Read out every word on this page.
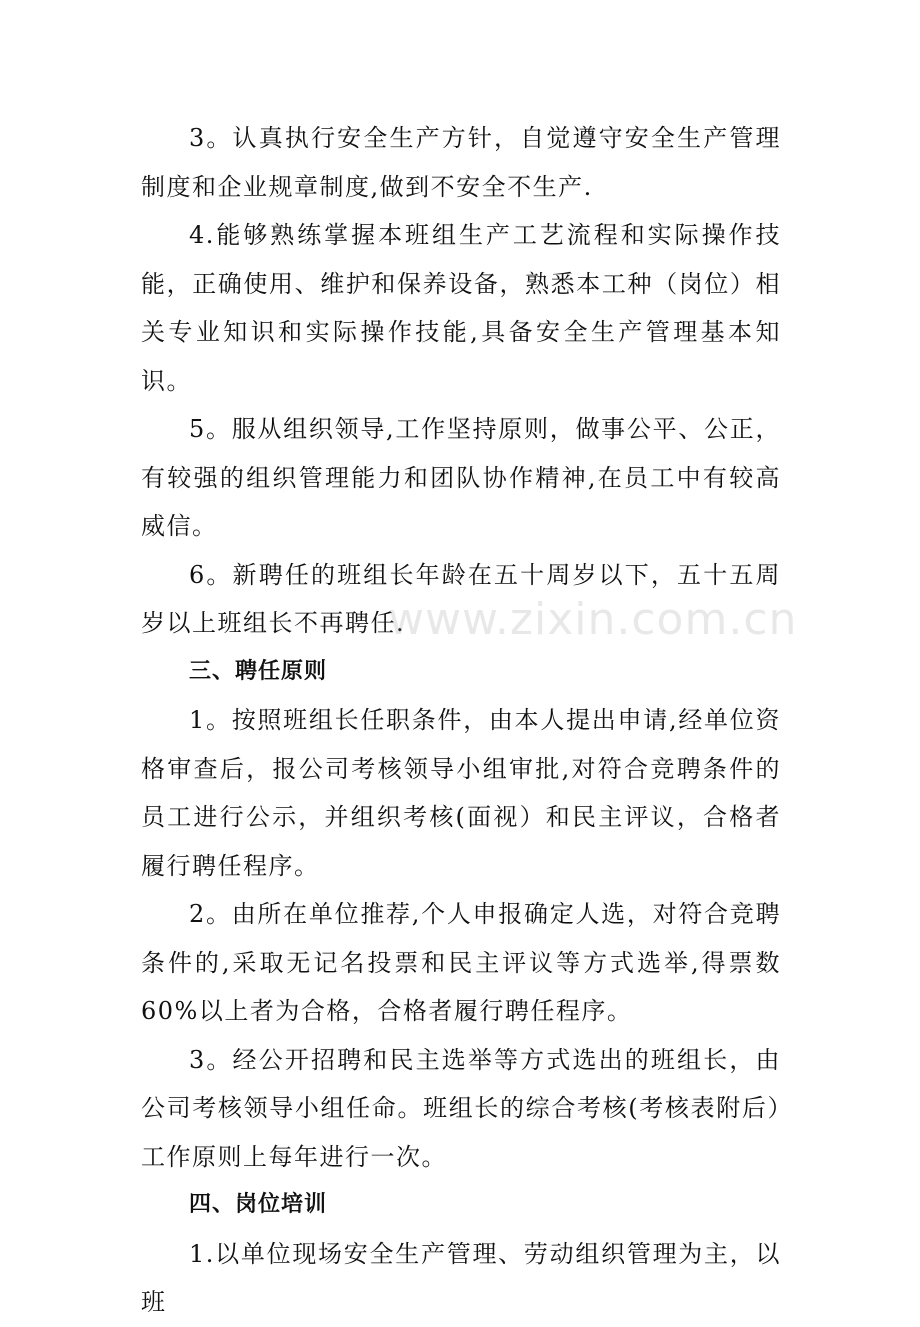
3。认真执行安全生产方针，自觉遵守安全生产管理制度和企业规章制度,做到不安全不生产.

4.能够熟练掌握本班组生产工艺流程和实际操作技能，正确使用、维护和保养设备，熟悉本工种（岗位）相关专业知识和实际操作技能,具备安全生产管理基本知识。

5。服从组织领导,工作坚持原则，做事公平、公正，有较强的组织管理能力和团队协作精神,在员工中有较高威信。

6。新聘任的班组长年龄在五十周岁以下，五十五周岁以上班组长不再聘任.

三、聘任原则

1。按照班组长任职条件，由本人提出申请,经单位资格审查后，报公司考核领导小组审批,对符合竞聘条件的员工进行公示，并组织考核(面视）和民主评议，合格者履行聘任程序。

2。由所在单位推荐,个人申报确定人选，对符合竞聘条件的,采取无记名投票和民主评议等方式选举,得票数60%以上者为合格，合格者履行聘任程序。

3。经公开招聘和民主选举等方式选出的班组长，由公司考核领导小组任命。班组长的综合考核(考核表附后）工作原则上每年进行一次。

四、岗位培训

1.以单位现场安全生产管理、劳动组织管理为主，以班

www.zixin.com.cn
